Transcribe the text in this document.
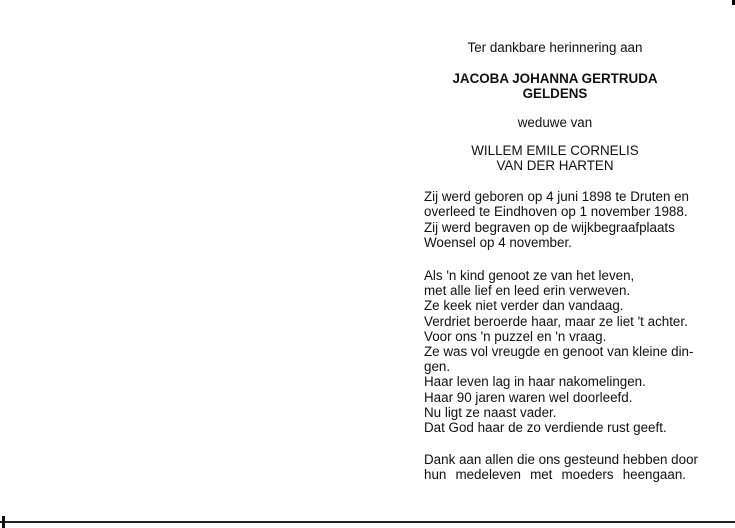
Ter dankbare herinnering aan
JACOBA JOHANNA GERTRUDA
GELDENS
weduwe van
WILLEM EMILE CORNELIS
VAN DER HARTEN
Zij werd geboren op 4 juni 1898 te Druten en
overleed te Eindhoven op 1 november 1988.
Zij werd begraven op de wijkbegraafplaats
Woensel op 4 november.
Als 'n kind genoot ze van het leven,
met alle lief en leed erin verweven.
Ze keek niet verder dan vandaag.
Verdriet beroerde haar, maar ze liet 't achter.
Voor ons 'n puzzel en 'n vraag.
Ze was vol vreugde en genoot van kleine din-
gen.
Haar leven lag in haar nakomelingen.
Haar 90 jaren waren wel doorleefd.
Nu ligt ze naast vader.
Dat God haar de zo verdiende rust geeft.
Dank aan allen die ons gesteund hebben door
hun medeleven met moeders heengaan.
